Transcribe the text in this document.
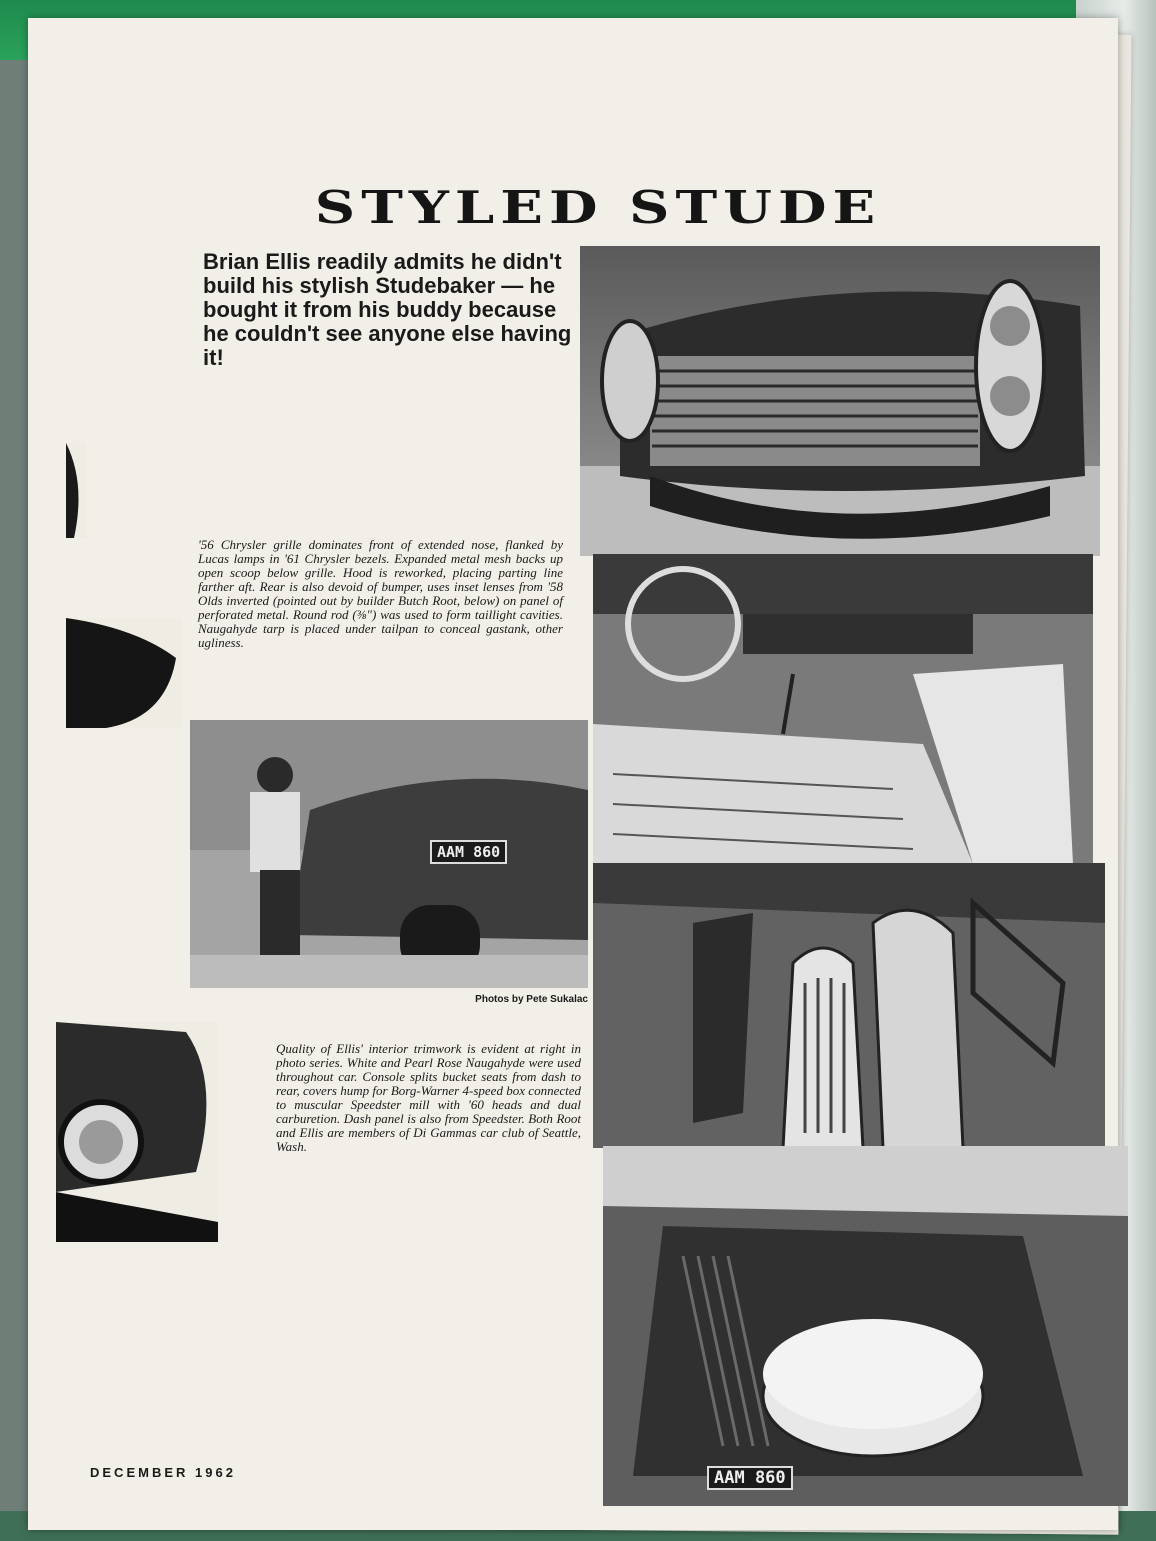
STYLED STUDE
Brian Ellis readily admits he didn't build his stylish Studebaker — he bought it from his buddy because he couldn't see anyone else having it!
'56 Chrysler grille dominates front of extended nose, flanked by Lucas lamps in '61 Chrysler bezels. Expanded metal mesh backs up open scoop below grille. Hood is reworked, placing parting line farther aft. Rear is also devoid of bumper, uses inset lenses from '58 Olds inverted (pointed out by builder Butch Root, below) on panel of perforated metal. Round rod (⅜") was used to form taillight cavities. Naugahyde tarp is placed under tailpan to conceal gastank, other ugliness.
AAM 860
Photos by Pete Sukalac
AAM 860
Quality of Ellis' interior trimwork is evident at right in photo series. White and Pearl Rose Naugahyde were used throughout car. Console splits bucket seats from dash to rear, covers hump for Borg-Warner 4-speed box connected to muscular Speedster mill with '60 heads and dual carburetion. Dash panel is also from Speedster. Both Root and Ellis are members of Di Gammas car club of Seattle, Wash.
DECEMBER 1962
